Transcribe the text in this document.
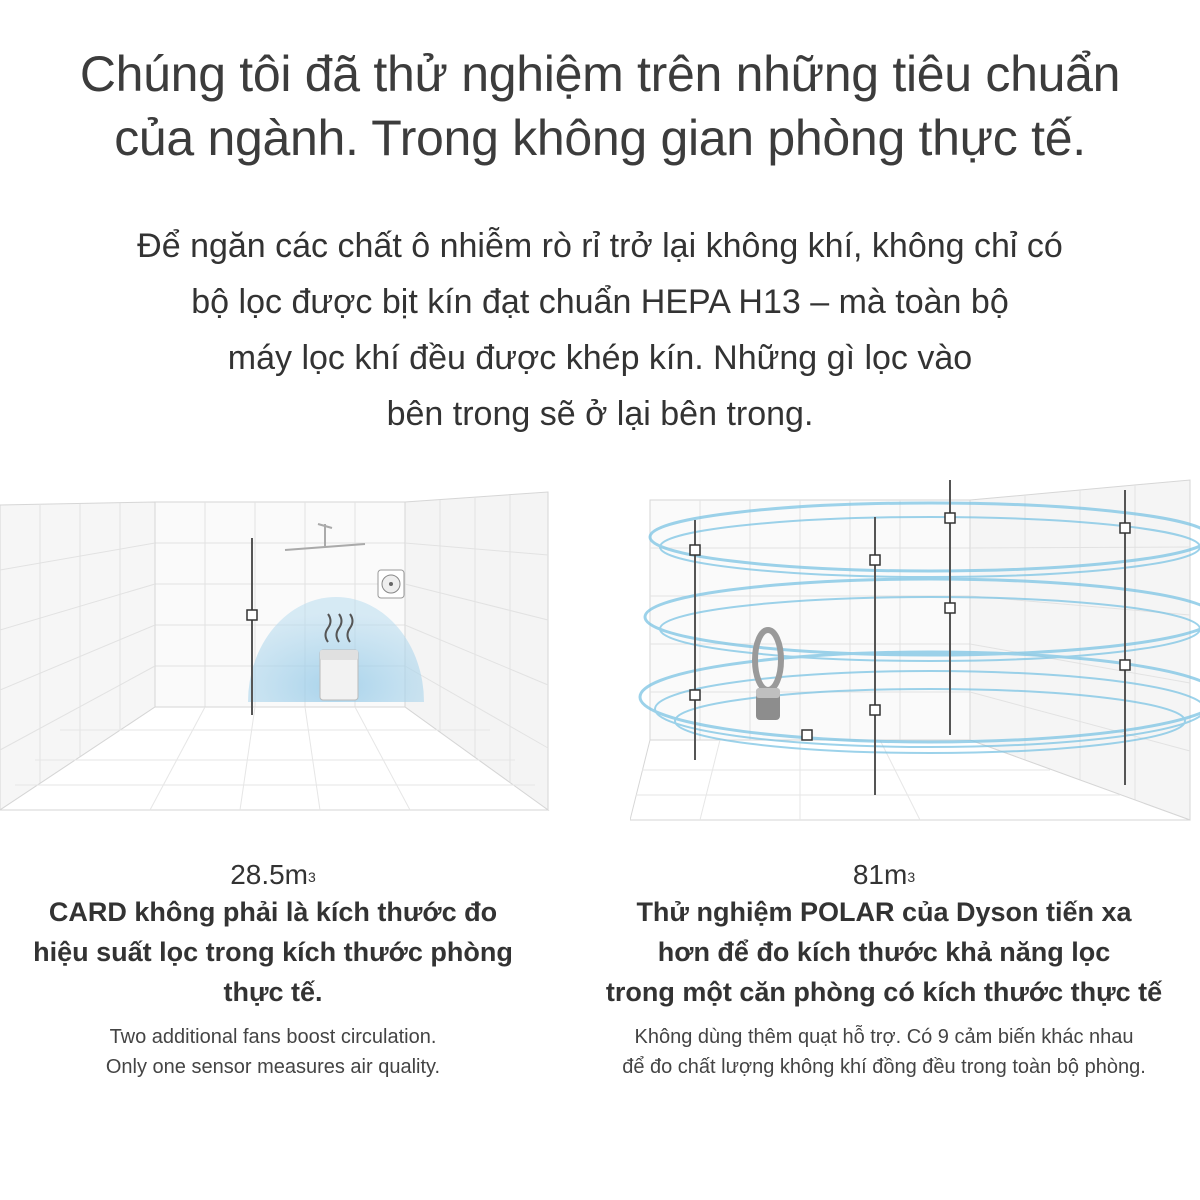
Chúng tôi đã thử nghiệm trên những tiêu chuẩn
của ngành. Trong không gian phòng thực tế.
Để ngăn các chất ô nhiễm rò rỉ trở lại không khí, không chỉ có
bộ lọc được bịt kín đạt chuẩn HEPA H13 – mà toàn bộ
máy lọc khí đều được khép kín. Những gì lọc vào
bên trong sẽ ở lại bên trong.
$28.5m^3$
CARD không phải là kích thước đo
hiệu suất lọc trong kích thước phòng
thực tế.
Two additional fans boost circulation.
Only one sensor measures air quality.
$81m^3$
Thử nghiệm POLAR của Dyson tiến xa
hơn để đo kích thước khả năng lọc
trong một căn phòng có kích thước thực tế
Không dùng thêm quạt hỗ trợ. Có 9 cảm biến khác nhau
để đo chất lượng không khí đồng đều trong toàn bộ phòng.
